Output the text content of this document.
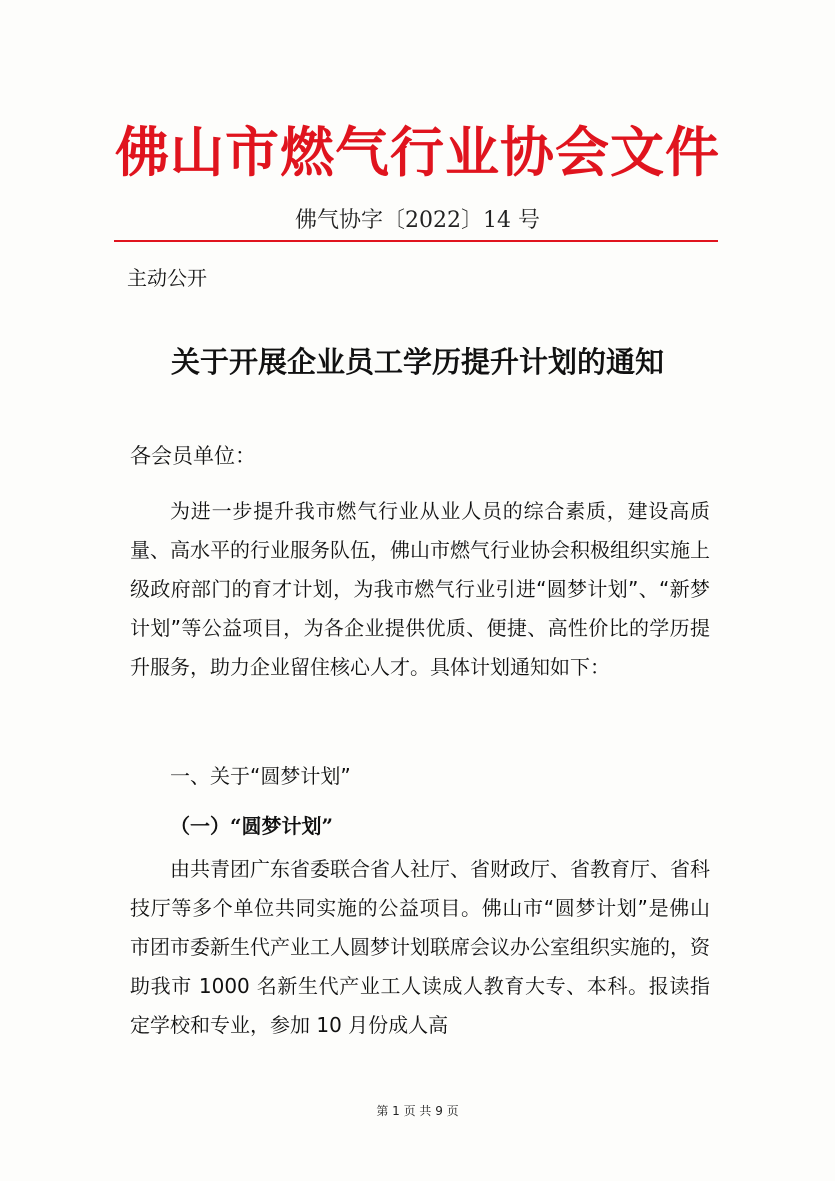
佛山市燃气行业协会文件
佛气协字〔2022〕14 号
主动公开
关于开展企业员工学历提升计划的通知
各会员单位：
为进一步提升我市燃气行业从业人员的综合素质，建设高质量、高水平的行业服务队伍，佛山市燃气行业协会积极组织实施上级政府部门的育才计划，为我市燃气行业引进“圆梦计划”、“新梦计划”等公益项目，为各企业提供优质、便捷、高性价比的学历提升服务，助力企业留住核心人才。具体计划通知如下：
一、关于“圆梦计划”
（一）“圆梦计划”
由共青团广东省委联合省人社厅、省财政厅、省教育厅、省科技厅等多个单位共同实施的公益项目。佛山市“圆梦计划”是佛山市团市委新生代产业工人圆梦计划联席会议办公室组织实施的，资助我市 1000 名新生代产业工人读成人教育大专、本科。报读指定学校和专业，参加 10 月份成人高
第 1 页 共 9 页
